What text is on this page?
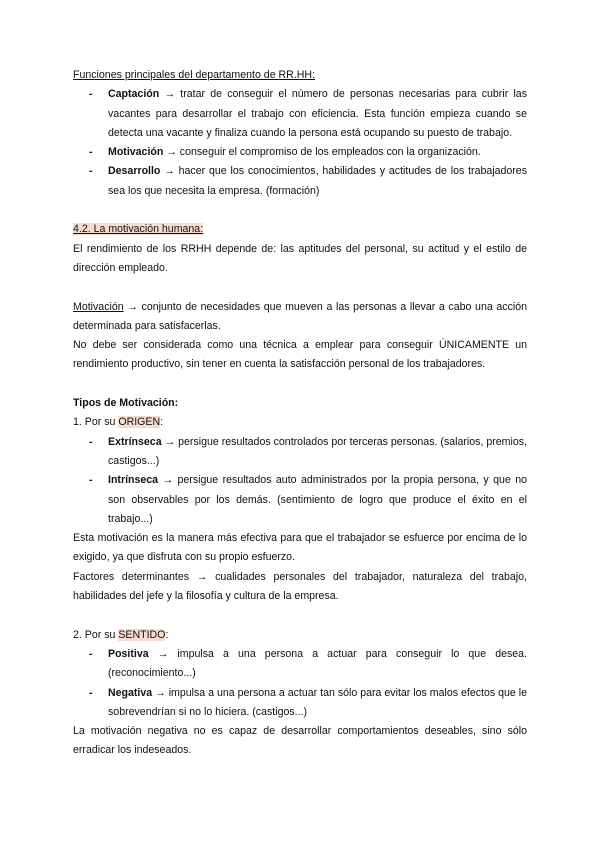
Funciones principales del departamento de RR.HH:

- Captación → tratar de conseguir el número de personas necesarias para cubrir las vacantes para desarrollar el trabajo con eficiencia. Esta función empieza cuando se detecta una vacante y finaliza cuando la persona está ocupando su puesto de trabajo.
- Motivación → conseguir el compromiso de los empleados con la organización.
- Desarrollo → hacer que los conocimientos, habilidades y actitudes de los trabajadores sea los que necesita la empresa. (formación)

4.2. La motivación humana:

El rendimiento de los RRHH depende de: las aptitudes del personal, su actitud y el estilo de dirección empleado.

Motivación → conjunto de necesidades que mueven a las personas a llevar a cabo una acción determinada para satisfacerlas.

No debe ser considerada como una técnica a emplear para conseguir ÚNICAMENTE un rendimiento productivo, sin tener en cuenta la satisfacción personal de los trabajadores.

Tipos de Motivación:

1. Por su ORIGEN:

- Extrínseca → persigue resultados controlados por terceras personas. (salarios, premios, castigos...)
- Intrínseca → persigue resultados auto administrados por la propia persona, y que no son observables por los demás. (sentimiento de logro que produce el éxito en el trabajo...)

Esta motivación es la manera más efectiva para que el trabajador se esfuerce por encima de lo exigido, ya que disfruta con su propio esfuerzo.

Factores determinantes → cualidades personales del trabajador, naturaleza del trabajo, habilidades del jefe y la filosofía y cultura de la empresa.

2. Por su SENTIDO:

- Positiva → impulsa a una persona a actuar para conseguir lo que desea. (reconocimiento...)
- Negativa → impulsa a una persona a actuar tan sólo para evitar los malos efectos que le sobrevendrían si no lo hiciera. (castigos...)

La motivación negativa no es capaz de desarrollar comportamientos deseables, sino sólo erradicar los indeseados.
